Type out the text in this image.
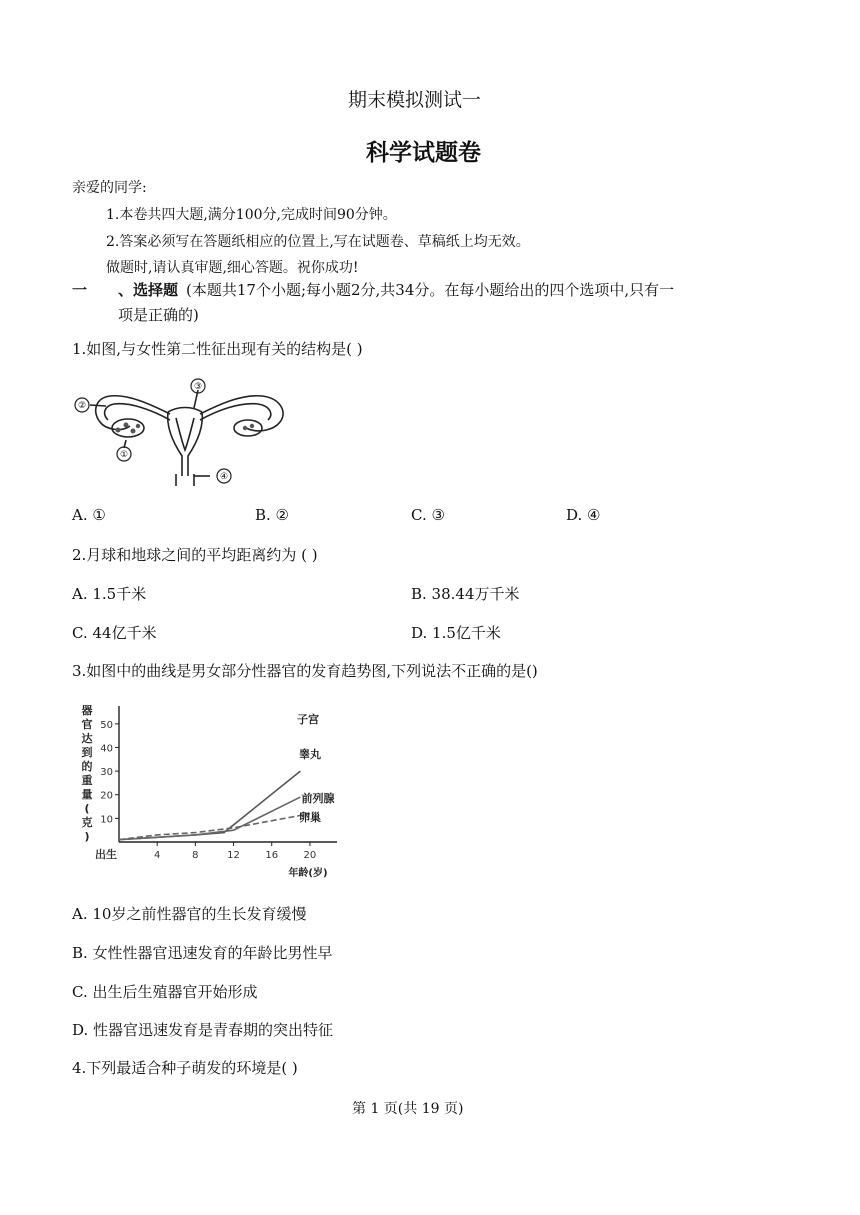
期末模拟测试一
科学试题卷
亲爱的同学:
1.本卷共四大题,满分100分,完成时间90分钟。
2.答案必须写在答题纸相应的位置上,写在试题卷、草稿纸上均无效。
做题时,请认真审题,细心答题。祝你成功!
一 、选择题 (本题共17个小题;每小题2分,共34分。在每小题给出的四个选项中,只有一
项是正确的)
1.如图,与女性第二性征出现有关的结构是( )
②
③
①
④
A. ①	B. ②	C. ③	D. ④
2.月球和地球之间的平均距离约为 ( )
A. 1.5千米	B. 38.44万千米
C. 44亿千米	D. 1.5亿千米
3.如图中的曲线是男女部分性器官的发育趋势图,下列说法不正确的是()
10
20
30
40
50
出生	4	8	12	16	20
器官达到的重量(克)
年龄(岁)
子宫
睾丸
前列腺
卵巢
A. 10岁之前性器官的生长发育缓慢
B. 女性性器官迅速发育的年龄比男性早
C. 出生后生殖器官开始形成
D. 性器官迅速发育是青春期的突出特征
4.下列最适合种子萌发的环境是( )
第 1 页(共 19 页)
